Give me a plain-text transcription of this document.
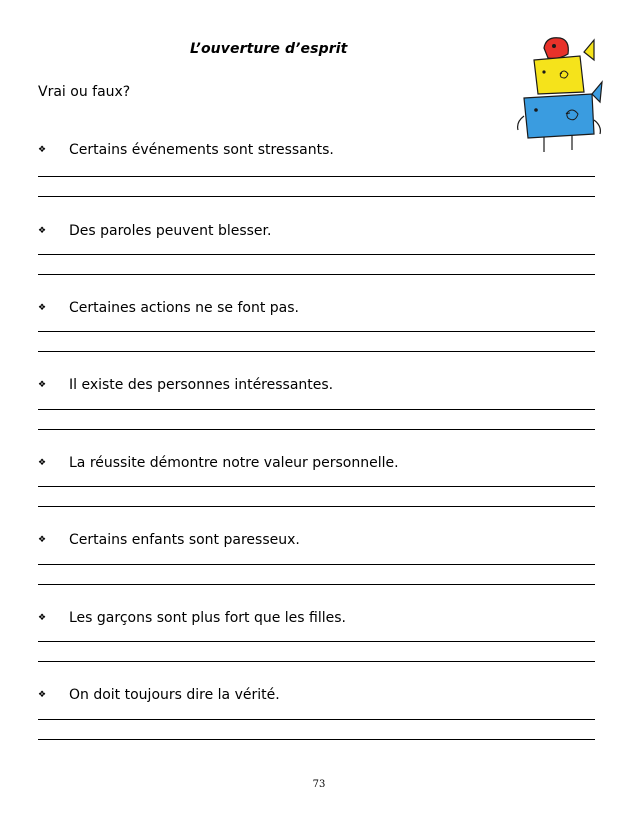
L’ouverture d’esprit
Vrai ou faux?
❖
Certains événements sont stressants.
❖
Des paroles peuvent blesser.
❖
Certaines actions ne se font pas.
❖
Il existe des personnes intéressantes.
❖
La réussite démontre notre valeur personnelle.
❖
Certains enfants sont paresseux.
❖
Les garçons sont plus fort que les filles.
❖
On doit toujours dire la vérité.
73
